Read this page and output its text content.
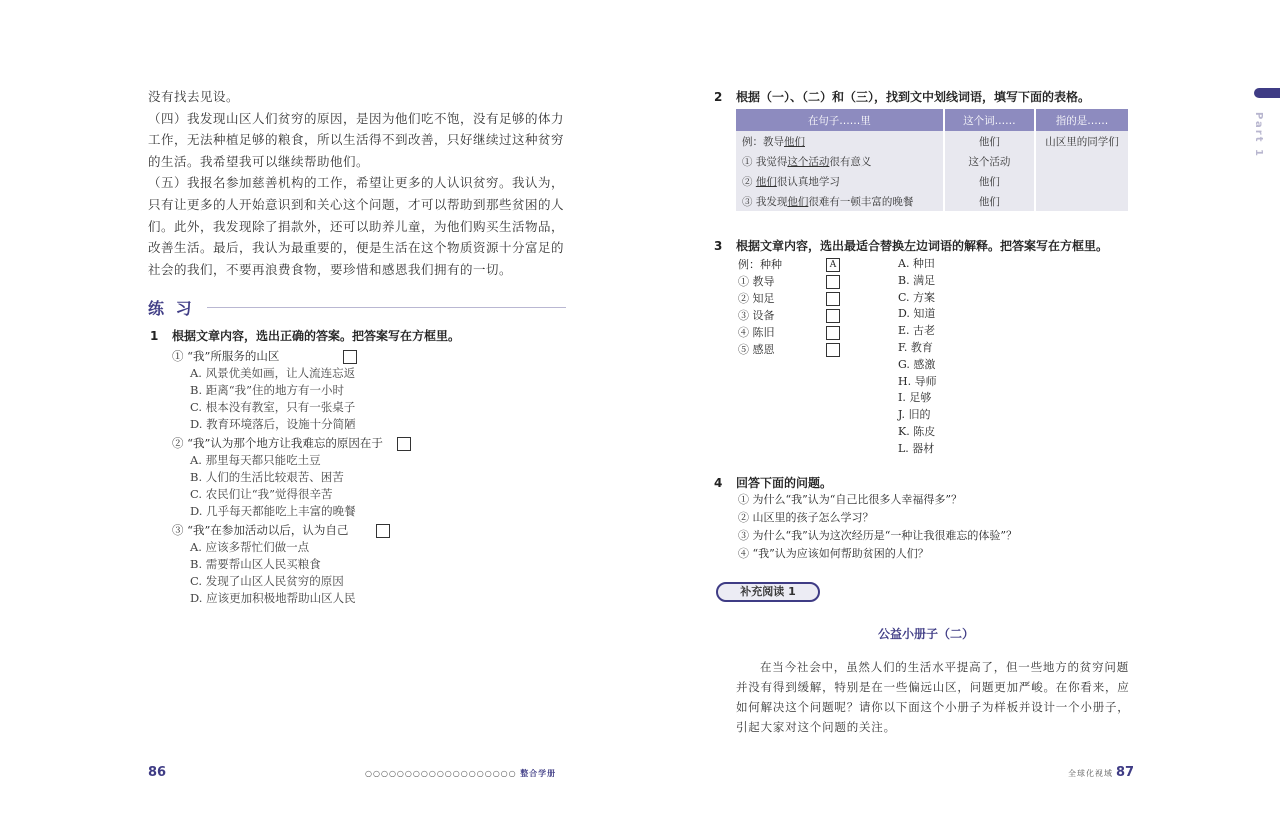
没有找去见设。

（四）我发现山区人们贫穷的原因，是因为他们吃不饱，没有足够的体力工作，无法种植足够的粮食，所以生活得不到改善，只好继续过这种贫穷的生活。我希望我可以继续帮助他们。

（五）我报名参加慈善机构的工作，希望让更多的人认识贫穷。我认为，只有让更多的人开始意识到和关心这个问题，才可以帮助到那些贫困的人们。此外，我发现除了捐款外，还可以助养儿童，为他们购买生活物品，改善生活。最后，我认为最重要的，便是生活在这个物质资源十分富足的社会的我们，不要再浪费食物，要珍惜和感恩我们拥有的一切。

练 习
1 根据文章内容，选出正确的答案。把答案写在方框里。
① “我”所服务的山区
A. 风景优美如画，让人流连忘返
B. 距离“我”住的地方有一小时
C. 根本没有教室，只有一张桌子
D. 教育环境落后，设施十分简陋
② “我”认为那个地方让我难忘的原因在于
A. 那里每天都只能吃土豆
B. 人们的生活比较艰苦、困苦
C. 农民们让“我”觉得很辛苦
D. 几乎每天都能吃上丰富的晚餐
③ “我”在参加活动以后，认为自己
A. 应该多帮忙们做一点
B. 需要帮山区人民买粮食
C. 发现了山区人民贫穷的原因
D. 应该更加积极地帮助山区人民
86	○○○○○○○○○○○○○○○○○○○ 整合学册
2 根据（一）、（二）和（三），找到文中划线词语，填写下面的表格。
在句子……里	这个词……	指的是……
例：教导他们	他们	山区里的同学们
① 我觉得这个活动很有意义	这个活动	
② 他们很认真地学习	他们	
③ 我发现他们很难有一顿丰富的晚餐	他们	
3 根据文章内容，选出最适合替换左边词语的解释。把答案写在方框里。
例：种种	A
① 教导
② 知足
③ 设备
④ 陈旧
⑤ 感恩
A. 种田
B. 满足
C. 方案
D. 知道
E. 古老
F. 教育
G. 感激
H. 导师
I. 足够
J. 旧的
K. 陈皮
L. 器材
4 回答下面的问题。
① 为什么“我”认为“自己比很多人幸福得多”？
② 山区里的孩子怎么学习？
③ 为什么“我”认为这次经历是“一种让我很难忘的体验”？
④ “我”认为应该如何帮助贫困的人们？
补充阅读 1
公益小册子（二）
在当今社会中，虽然人们的生活水平提高了，但一些地方的贫穷问题并没有得到缓解，特别是在一些偏远山区，问题更加严峻。在你看来，应如何解决这个问题呢？请你以下面这个小册子为样板并设计一个小册子，引起大家对这个问题的关注。
全球化视域 87
Part 1
